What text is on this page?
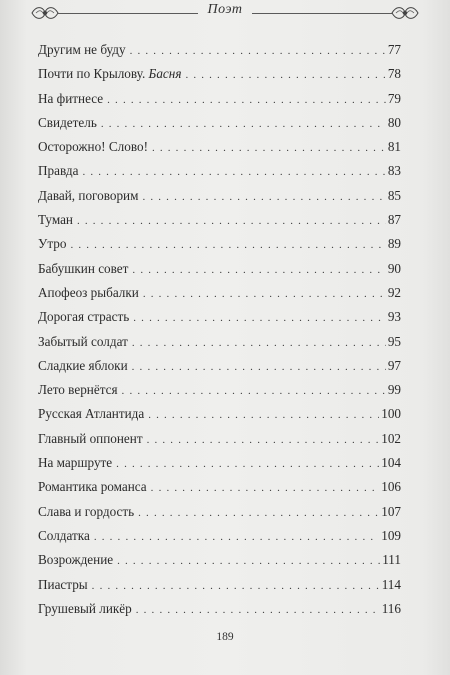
Поэт
Другим не буду . . .	77
Почти по Крылову. Басня . . .	78
На фитнесе . . .	79
Свидетель . . .	80
Осторожно! Слово! . . .	81
Правда . . .	83
Давай, поговорим . . .	85
Туман . . .	87
Утро . . .	89
Бабушкин совет . . .	90
Апофеоз рыбалки . . .	92
Дорогая страсть . . .	93
Забытый солдат . . .	95
Сладкие яблоки . . .	97
Лето вернётся . . .	99
Русская Атлантида . . .	100
Главный оппонент . . .	102
На маршруте . . .	104
Романтика романса . . .	106
Слава и гордость . . .	107
Солдатка . . .	109
Возрождение . . .	111
Пиастры . . .	114
Грушевый ликёр . . .	116
189
